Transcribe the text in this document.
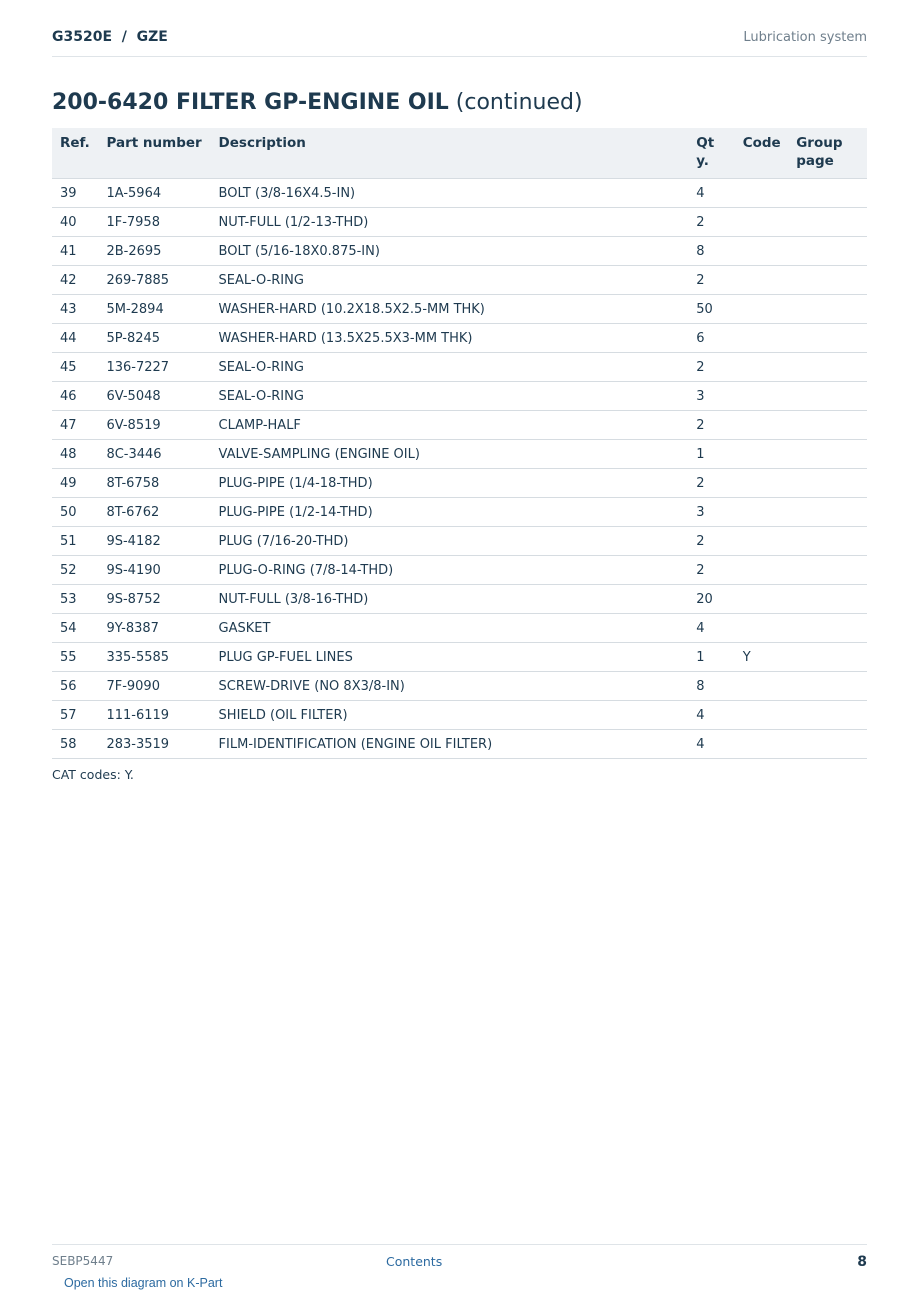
G3520E  /  GZE	Lubrication system
200-6420 FILTER GP-ENGINE OIL (continued)
Ref.	Part number	Description	Qty.	Code	Group page
39	1A-5964	BOLT (3/8-16X4.5-IN)	4		
40	1F-7958	NUT-FULL (1/2-13-THD)	2		
41	2B-2695	BOLT (5/16-18X0.875-IN)	8		
42	269-7885	SEAL-O-RING	2		
43	5M-2894	WASHER-HARD (10.2X18.5X2.5-MM THK)	50		
44	5P-8245	WASHER-HARD (13.5X25.5X3-MM THK)	6		
45	136-7227	SEAL-O-RING	2		
46	6V-5048	SEAL-O-RING	3		
47	6V-8519	CLAMP-HALF	2		
48	8C-3446	VALVE-SAMPLING (ENGINE OIL)	1		
49	8T-6758	PLUG-PIPE (1/4-18-THD)	2		
50	8T-6762	PLUG-PIPE (1/2-14-THD)	3		
51	9S-4182	PLUG (7/16-20-THD)	2		
52	9S-4190	PLUG-O-RING (7/8-14-THD)	2		
53	9S-8752	NUT-FULL (3/8-16-THD)	20		
54	9Y-8387	GASKET	4		
55	335-5585	PLUG GP-FUEL LINES	1	Y	
56	7F-9090	SCREW-DRIVE (NO 8X3/8-IN)	8		
57	111-6119	SHIELD (OIL FILTER)	4		
58	283-3519	FILM-IDENTIFICATION (ENGINE OIL FILTER)	4		
CAT codes: Y.
SEBP5447	Contents	8
Open this diagram on K-Part
